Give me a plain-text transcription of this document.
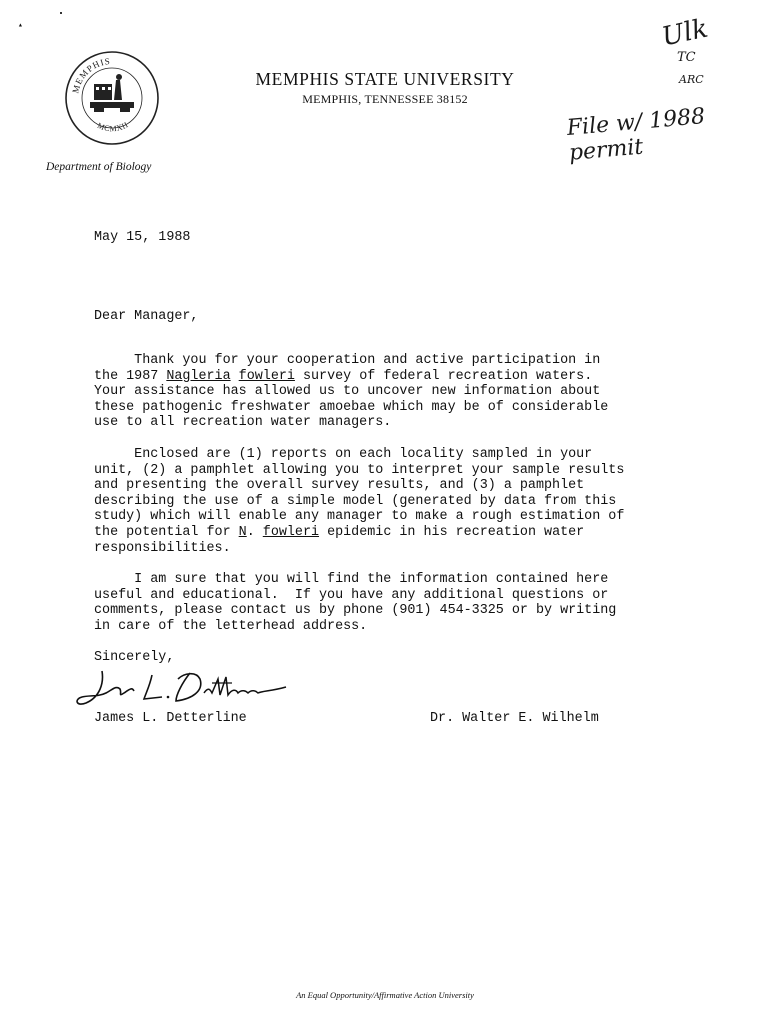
▴
MEMPHIS
MCMXII
MEMPHIS STATE UNIVERSITY
MEMPHIS, TENNESSEE 38152
Department of Biology
Ulk
TC
ARC
File w/ 1988 permit
May 15, 1988
Dear Manager,

Thank you for your cooperation and active participation in

the 1987 Nagleria fowleri survey of federal recreation waters.

Your assistance has allowed us to uncover new information about

these pathogenic freshwater amoebae which may be of considerable

use to all recreation water managers.

Enclosed are (1) reports on each locality sampled in your

unit, (2) a pamphlet allowing you to interpret your sample results

and presenting the overall survey results, and (3) a pamphlet

describing the use of a simple model (generated by data from this

study) which will enable any manager to make a rough estimation of

the potential for N. fowleri epidemic in his recreation water

responsibilities.

I am sure that you will find the information contained here

useful and educational.  If you have any additional questions or

comments, please contact us by phone (901) 454-3325 or by writing

in care of the letterhead address.

Sincerely,
James L. Detterline	Dr. Walter E. Wilhelm
An Equal Opportunity/Affirmative Action University
